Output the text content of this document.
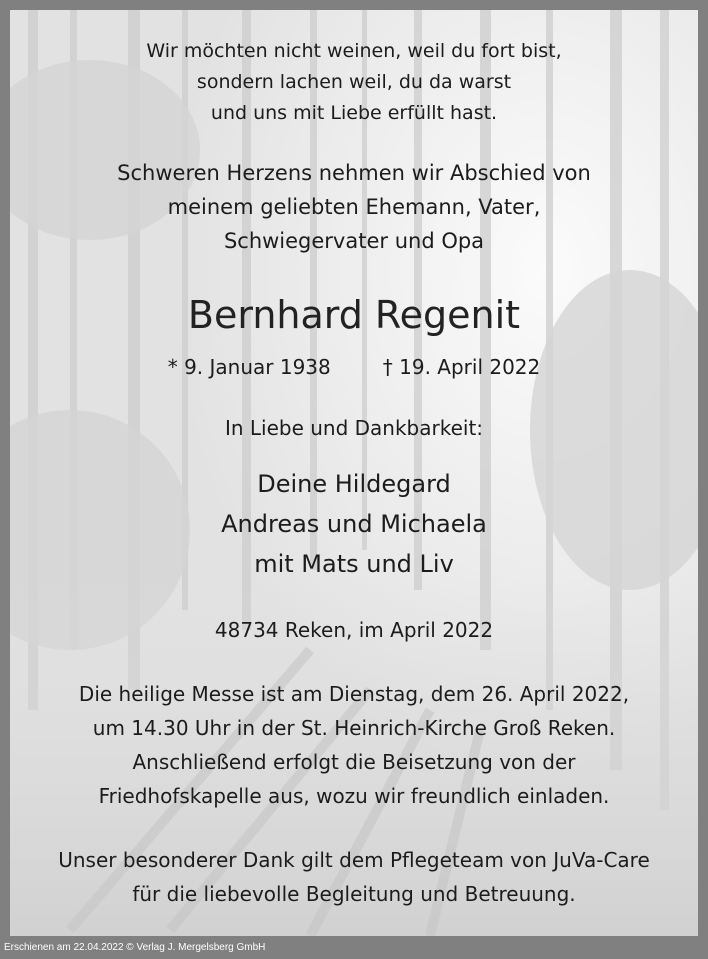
Wir möchten nicht weinen, weil du fort bist,
sondern lachen weil, du da warst
und uns mit Liebe erfüllt hast.
Schweren Herzens nehmen wir Abschied von
meinem geliebten Ehemann, Vater,
Schwiegervater und Opa
Bernhard Regenit
* 9. Januar 1938	† 19. April 2022
In Liebe und Dankbarkeit:
Deine Hildegard
Andreas und Michaela
mit Mats und Liv
48734 Reken, im April 2022
Die heilige Messe ist am Dienstag, dem 26. April 2022,
um 14.30 Uhr in der St. Heinrich-Kirche Groß Reken.
Anschließend erfolgt die Beisetzung von der
Friedhofskapelle aus, wozu wir freundlich einladen.
Unser besonderer Dank gilt dem Pflegeteam von JuVa-Care
für die liebevolle Begleitung und Betreuung.
Erschienen am 22.04.2022 © Verlag J. Mergelsberg GmbH
